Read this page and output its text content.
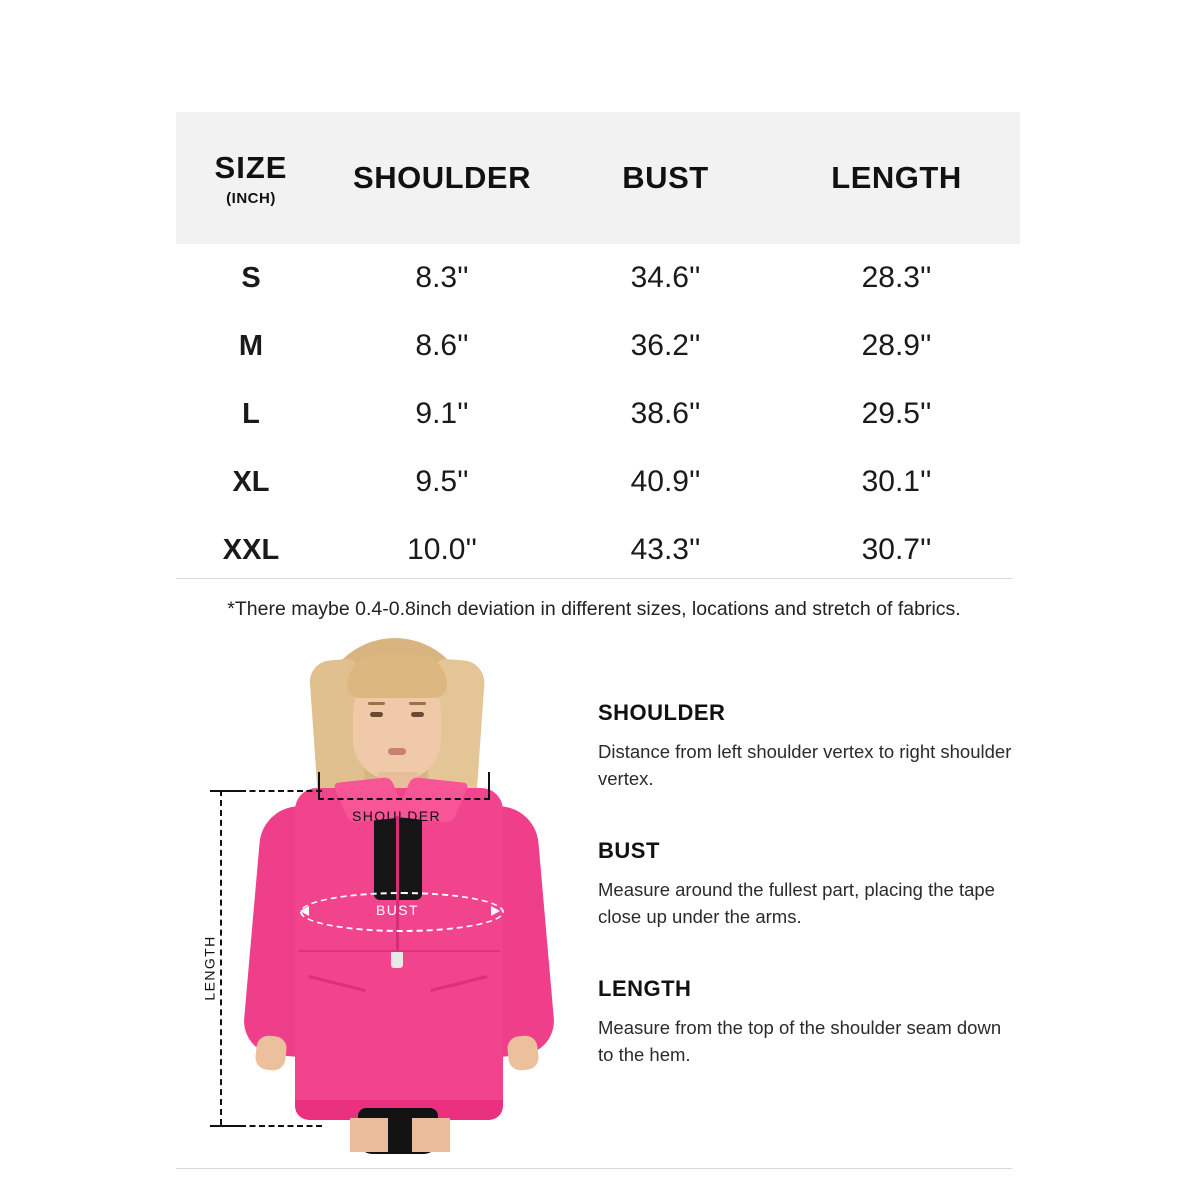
SIZE
(INCH)	SHOULDER	BUST	LENGTH
S	8.3''	34.6''	28.3''
M	8.6''	36.2''	28.9''
L	9.1''	38.6''	29.5''
XL	9.5''	40.9''	30.1''
XXL	10.0''	43.3''	30.7''
*There maybe 0.4-0.8inch deviation in different sizes, locations and stretch of fabrics.
SHOULDER
BUST
LENGTH
SHOULDER
Distance from left shoulder vertex to right shoulder vertex.
BUST
Measure around the fullest part, placing the tape close up under the arms.
LENGTH
Measure from the top of the shoulder seam down to the hem.
